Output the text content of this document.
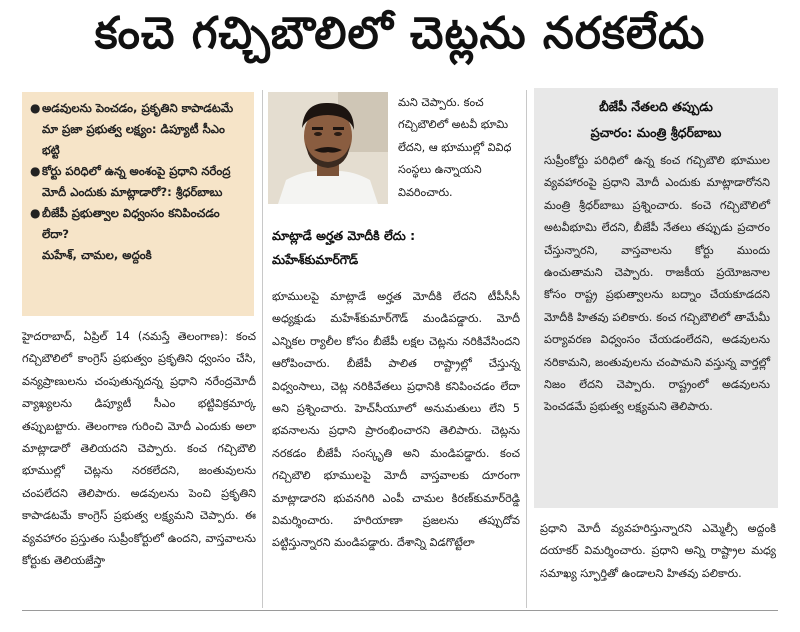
కంచె గచ్చిబౌలిలో చెట్లను నరకలేదు
● అడవులను పెంచడం, ప్రకృతిని కాపాడటమే మా ప్రజా ప్రభుత్వ లక్ష్యం: డిప్యూటీ సీఎం భట్టి
● కోర్టు పరిధిలో ఉన్న అంశంపై ప్రధాని నరేంద్ర మోదీ ఎందుకు మాట్లాడారో?: శ్రీధర్‌బాబు
● బీజేపీ ప్రభుత్వాల విధ్వంసం కనిపించడం లేదా?
మహేశ్, చామల, అద్దంకి

హైదరాబాద్, ఏప్రిల్ 14 (నమస్తే తెలంగాణ): కంచ గచ్చిబౌలిలో కాంగ్రెస్ ప్రభుత్వం ప్రకృతిని ధ్వంసం చేసి, వన్యప్రాణులను చంపుతున్నదన్న ప్రధాని నరేంద్రమోదీ వ్యాఖ్యలను డిప్యూటీ సీఎం భట్టివిక్రమార్క తప్పుబట్టారు. తెలంగాణ గురించి మోదీ ఎందుకు అలా మాట్లాడారో తెలియదని చెప్పారు. కంచ గచ్చిబౌలి భూముల్లో చెట్లను నరకలేదని, జంతువులను చంపలేదని తెలిపారు. అడవులను పెంచి ప్రకృతిని కాపాడటమే కాంగ్రెస్ ప్రభుత్వ లక్ష్యమని చెప్పారు. ఈ వ్యవహారం ప్రస్తుతం సుప్రీంకోర్టులో ఉందని, వాస్తవాలను కోర్టుకు తెలియజేస్తా

మని చెప్పారు. కంచ గచ్చిబౌలిలో అటవీ భూమి లేదని, ఆ భూముల్లో వివిధ సంస్థలు ఉన్నాయని వివరించారు.

మాట్లాడే అర్హత మోదీకి లేదు :
మహేశ్‌కుమార్‌గౌడ్

భూములపై మాట్లాడే అర్హత మోదీకి లేదని టీపీసీసీ అధ్యక్షుడు మహేశ్‌కుమార్‌గౌడ్ మండిపడ్డారు. మోదీ ఎన్నికల ర్యాలీల కోసం బీజేపీ లక్షల చెట్లను నరికివేసిందని ఆరోపించారు. బీజేపీ పాలిత రాష్ట్రాల్లో చేస్తున్న విధ్వంసాలు, చెట్ల నరికివేతలు ప్రధానికి కనిపించడం లేదా అని ప్రశ్నించారు. హెచ్‌సీయూలో అనుమతులు లేని 5 భవనాలను ప్రధాని ప్రారంభించారని తెలిపారు. చెట్లను నరకడం బీజేపీ సంస్కృతి అని మండిపడ్డారు. కంచ గచ్చిబౌలి భూములపై మోదీ వాస్తవాలకు దూరంగా మాట్లాడారని భువనగిరి ఎంపీ చామల కిరణ్‌కుమార్‌రెడ్డి విమర్శించారు. హరియాణా ప్రజలను తప్పుదోవ పట్టిస్తున్నారని మండిపడ్డారు. దేశాన్ని విడగొట్టేలా

బీజేపీ నేతలది తప్పుడు
ప్రచారం: మంత్రి శ్రీధర్‌బాబు

సుప్రీంకోర్టు పరిధిలో ఉన్న కంచ గచ్చిబౌలి భూముల వ్యవహారంపై ప్రధాని మోదీ ఎందుకు మాట్లాడారోనని మంత్రి శ్రీధర్‌బాబు ప్రశ్నించారు. కంచె గచ్చిబౌలిలో అటవీభూమి లేదని, బీజేపీ నేతలు తప్పుడు ప్రచారం చేస్తున్నారని, వాస్తవాలను కోర్టు ముందు ఉంచుతామని చెప్పారు. రాజకీయ ప్రయోజనాల కోసం రాష్ట్ర ప్రభుత్వాలను బద్నాం చేయకూడదని మోదీకి హితవు పలికారు. కంచ గచ్చిబౌలిలో తామేమీ పర్యావరణ విధ్వంసం చేయడంలేదని, అడవులను నరికామని, జంతువులను చంపామని వస్తున్న వార్తల్లో నిజం లేదని చెప్పారు. రాష్ట్రంలో అడవులను పెంచడమే ప్రభుత్వ లక్ష్యమని తెలిపారు.

ప్రధాని మోదీ వ్యవహరిస్తున్నారని ఎమ్మెల్సీ అద్దంకి దయాకర్ విమర్శించారు. ప్రధాని అన్ని రాష్ట్రాల మధ్య సమాఖ్య స్ఫూర్తితో ఉండాలని హితవు పలికారు.
